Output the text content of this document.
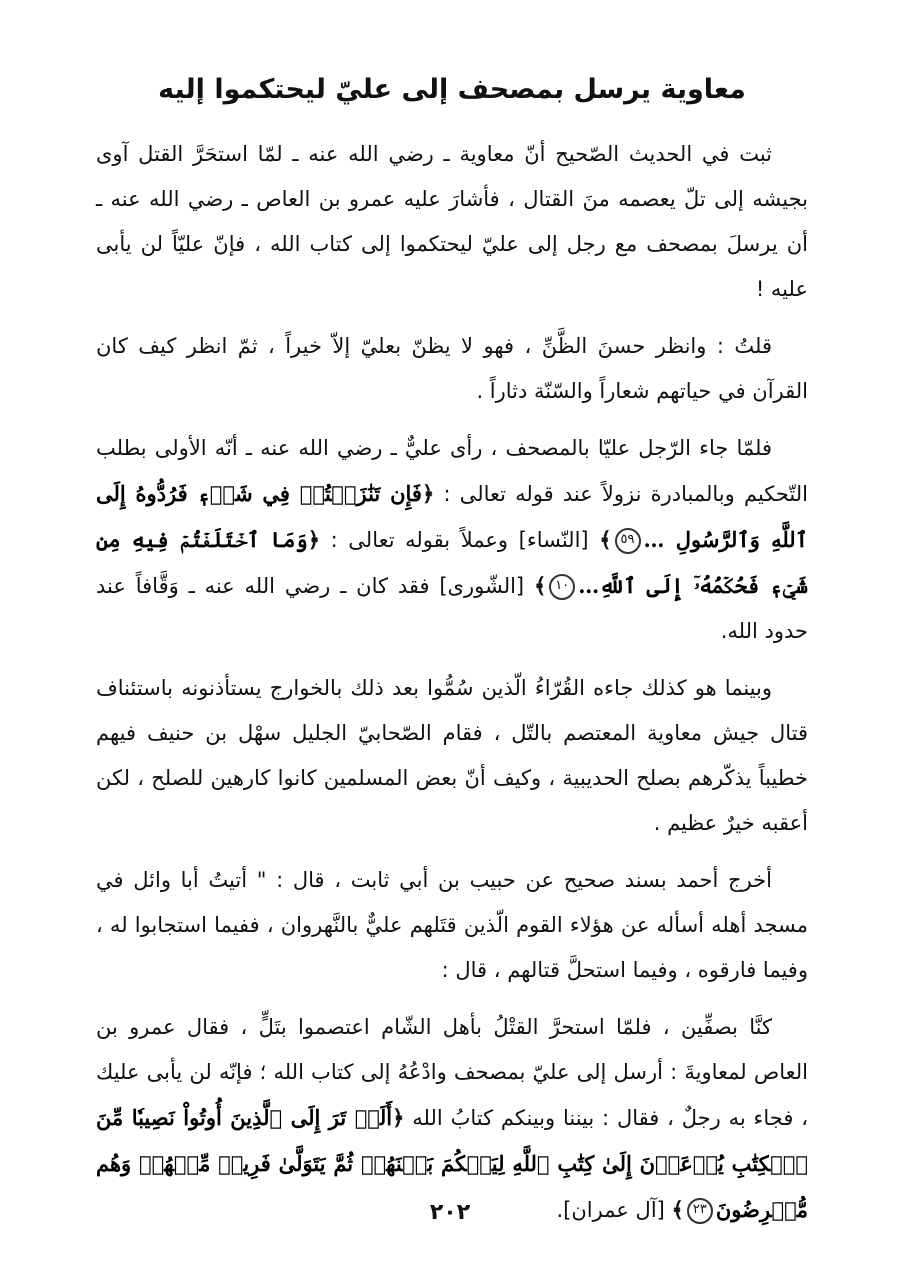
معاوية يرسل بمصحف إلى عليّ ليحتكموا إليه

ثبت في الحديث الصّحيح أنّ معاوية ـ رضي الله عنه ـ لمّا استحَرَّ القتل آوى بجيشه إلى تلّ يعصمه منَ القتال ، فأشارَ عليه عمرو بن العاص ـ رضي الله عنه ـ أن يرسلَ بمصحف مع رجل إلى عليّ ليحتكموا إلى كتاب الله ، فإنّ عليّاً لن يأبى عليه !

قلتُ : وانظر حسنَ الظَّنِّ ، فهو لا يظنّ بعليّ إلاّ خيراً ، ثمّ انظر كيف كان القرآن في حياتهم شعاراً والسّنّة دثاراً .

فلمّا جاء الرّجل عليّا بالمصحف ، رأى عليٌّ ـ رضي الله عنه ـ أنّه الأولى بطلب التّحكيم وبالمبادرة نزولاً عند قوله تعالى : ﴿فَإِن تَنَٰزَعۡتُمۡ فِي شَيۡءٖ فَرُدُّوهُ إِلَى ٱللَّهِ وَٱلرَّسُولِ …٥٩﴾ [النّساء] وعملاً بقوله تعالى : ﴿وَمَا ٱخۡتَلَفۡتُمۡ فِيهِ مِن شَيۡءٖ فَحُكۡمُهُۥٓ إِلَى ٱللَّهِ…١٠﴾ [الشّورى] فقد كان ـ رضي الله عنه ـ وَقَّافاً عند حدود الله.

وبينما هو كذلك جاءه القُرّاءُ الّذين سُمُّوا بعد ذلك بالخوارج يستأذنونه باستئناف قتال جيش معاوية المعتصم بالتّل ، فقام الصّحابيّ الجليل سهْل بن حنيف فيهم خطيباً يذكّرهم بصلح الحديبية ، وكيف أنّ بعض المسلمين كانوا كارهين للصلح ، لكن أعقبه خيرٌ عظيم .

أخرج أحمد بسند صحيح عن حبيب بن أبي ثابت ، قال : " أتيتُ أبا وائل في مسجد أهله أسأله عن هؤلاء القوم الّذين قتَلهم عليٌّ بالنَّهروان ، ففيما استجابوا له ، وفيما فارقوه ، وفيما استحلَّ قتالهم ، قال :

كنَّا بصفِّين ، فلمّا استحرَّ القتْلُ بأهل الشّام اعتصموا بتَلٍّ ، فقال عمرو بن العاص لمعاويةَ : أرسل إلى عليّ بمصحف وادْعُهُ إلى كتاب الله ؛ فإنّه لن يأبى عليك ، فجاء به رجلٌ ، فقال : بيننا وبينكم كتابُ الله ﴿أَلَمۡ تَرَ إِلَى ٱلَّذِينَ أُوتُواْ نَصِيبٗا مِّنَ ٱلۡكِتَٰبِ يُدۡعَوۡنَ إِلَىٰ كِتَٰبِ ٱللَّهِ لِيَحۡكُمَ بَيۡنَهُمۡ ثُمَّ يَتَوَلَّىٰ فَرِيقٞ مِّنۡهُمۡ وَهُم مُّعۡرِضُونَ٢٣﴾ [آل عمران].

٢٠٢
